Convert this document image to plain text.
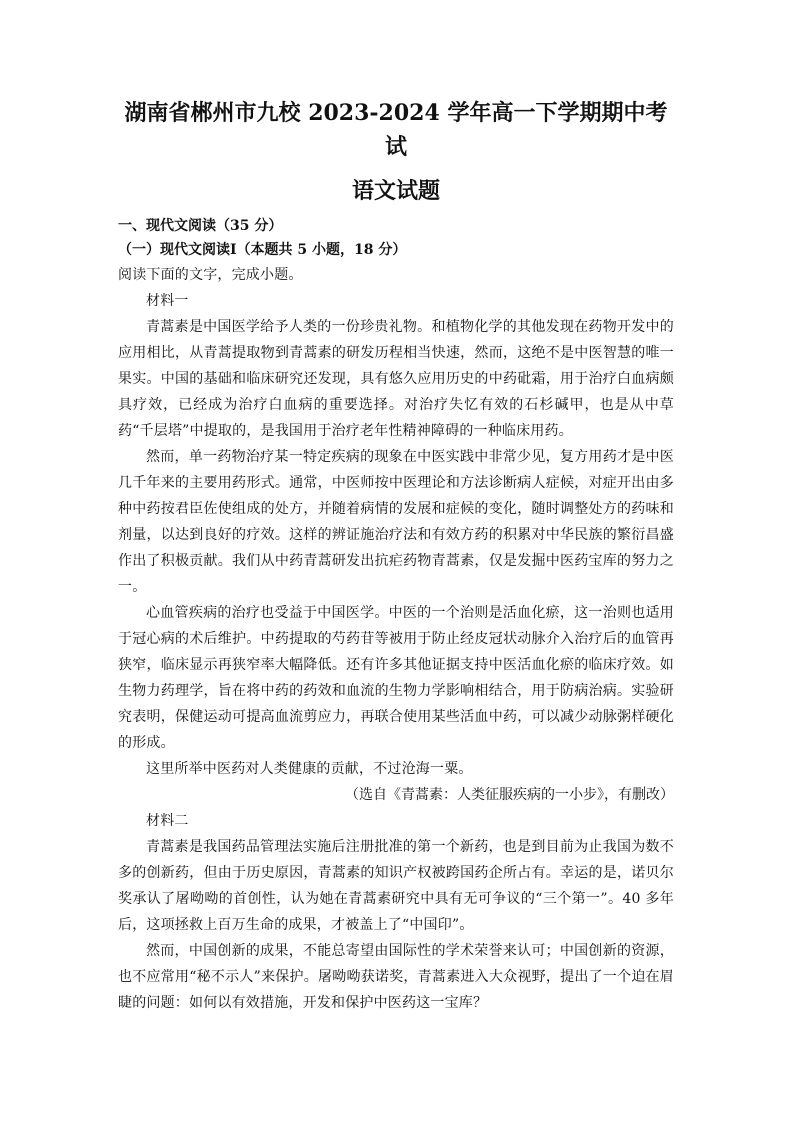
湖南省郴州市九校 2023-2024 学年高一下学期期中考试
语文试题

一、现代文阅读（35 分）

（一）现代文阅读Ⅰ（本题共 5 小题，18 分）

阅读下面的文字，完成小题。

材料一

青蒿素是中国医学给予人类的一份珍贵礼物。和植物化学的其他发现在药物开发中的应用相比，从青蒿提取物到青蒿素的研发历程相当快速，然而，这绝不是中医智慧的唯一果实。中国的基础和临床研究还发现，具有悠久应用历史的中药砒霜，用于治疗白血病颇具疗效，已经成为治疗白血病的重要选择。对治疗失忆有效的石杉碱甲，也是从中草药“千层塔”中提取的，是我国用于治疗老年性精神障碍的一种临床用药。

然而，单一药物治疗某一特定疾病的现象在中医实践中非常少见，复方用药才是中医几千年来的主要用药形式。通常，中医师按中医理论和方法诊断病人症候，对症开出由多种中药按君臣佐使组成的处方，并随着病情的发展和症候的变化，随时调整处方的药味和剂量，以达到良好的疗效。这样的辨证施治疗法和有效方药的积累对中华民族的繁衍昌盛作出了积极贡献。我们从中药青蒿研发出抗疟药物青蒿素，仅是发掘中医药宝库的努力之一。

心血管疾病的治疗也受益于中国医学。中医的一个治则是活血化瘀，这一治则也适用于冠心病的术后维护。中药提取的芍药苷等被用于防止经皮冠状动脉介入治疗后的血管再狭窄，临床显示再狭窄率大幅降低。还有许多其他证据支持中医活血化瘀的临床疗效。如生物力药理学，旨在将中药的药效和血流的生物力学影响相结合，用于防病治病。实验研究表明，保健运动可提高血流剪应力，再联合使用某些活血中药，可以减少动脉粥样硬化的形成。

这里所举中医药对人类健康的贡献，不过沧海一粟。

（选自《青蒿素：人类征服疾病的一小步》，有删改）

材料二

青蒿素是我国药品管理法实施后注册批准的第一个新药，也是到目前为止我国为数不多的创新药，但由于历史原因，青蒿素的知识产权被跨国药企所占有。幸运的是，诺贝尔奖承认了屠呦呦的首创性，认为她在青蒿素研究中具有无可争议的“三个第一”。40 多年后，这项拯救上百万生命的成果，才被盖上了“中国印”。

然而，中国创新的成果，不能总寄望由国际性的学术荣誉来认可；中国创新的资源，也不应常用“秘不示人”来保护。屠呦呦获诺奖，青蒿素进入大众视野，提出了一个迫在眉睫的问题：如何以有效措施，开发和保护中医药这一宝库？
